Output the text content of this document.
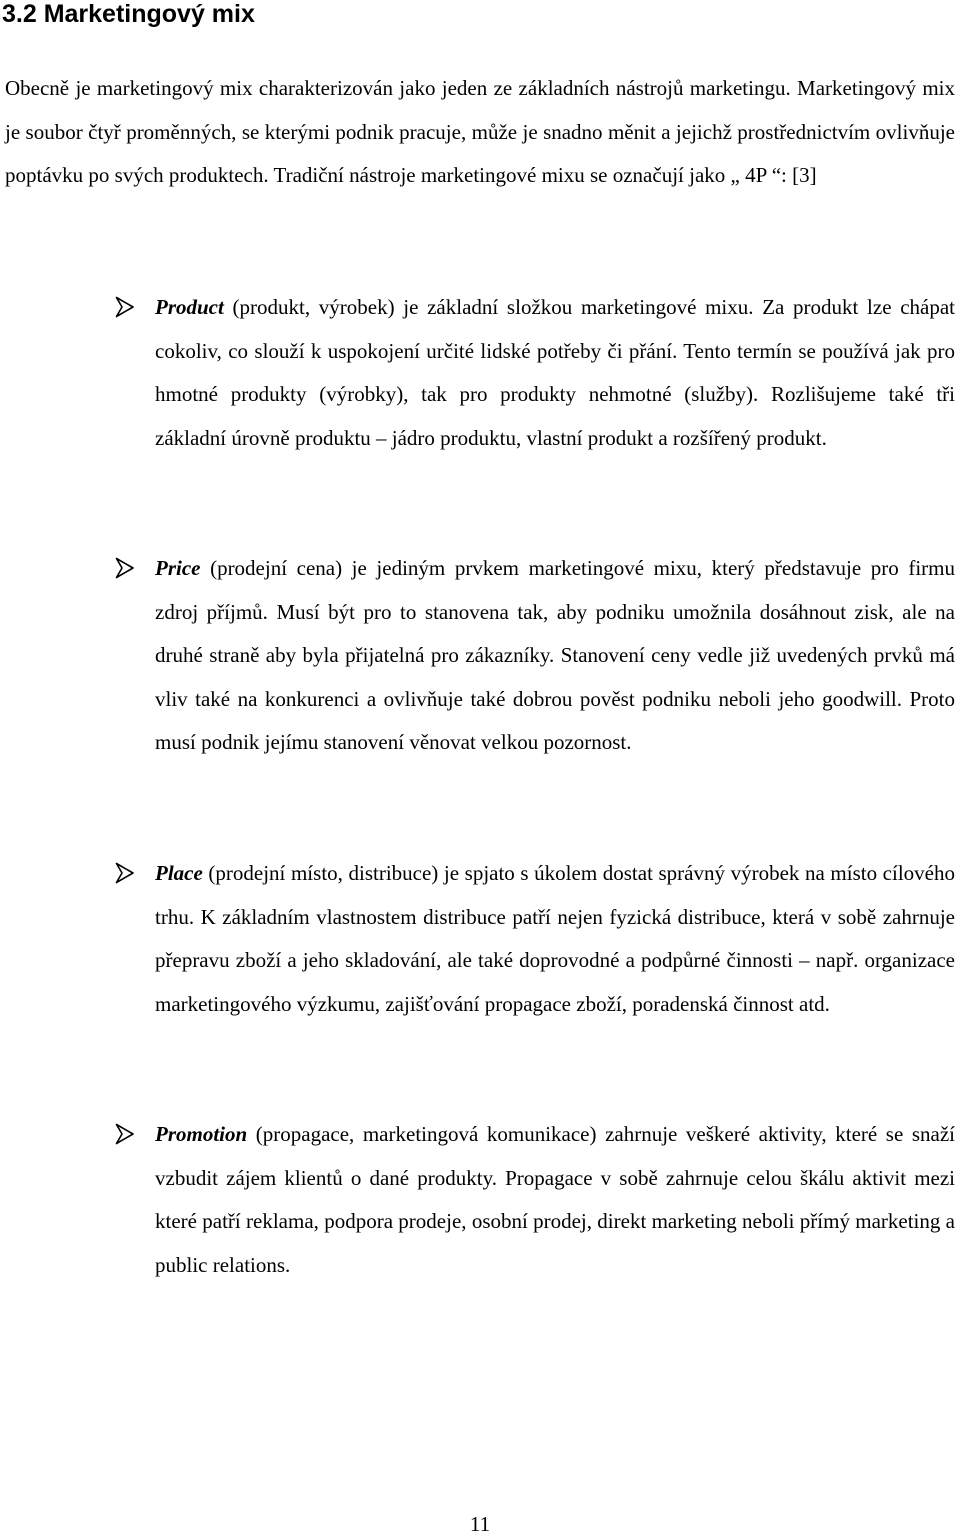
3.2 Marketingový mix

Obecně je marketingový mix charakterizován jako jeden ze základních nástrojů marketingu. Marketingový mix je soubor čtyř proměnných, se kterými podnik pracuje, může je snadno měnit a jejichž prostřednictvím ovlivňuje poptávku po svých produktech. Tradiční nástroje marketingové mixu se označují jako „ 4P “: [3]

Product (produkt, výrobek) je základní složkou marketingové mixu. Za produkt lze chápat cokoliv, co slouží k uspokojení určité lidské potřeby či přání. Tento termín se používá jak pro hmotné produkty (výrobky), tak pro produkty nehmotné (služby). Rozlišujeme také tři základní úrovně produktu – jádro produktu, vlastní produkt a rozšířený produkt.
Price (prodejní cena) je jediným prvkem marketingové mixu, který představuje pro firmu zdroj příjmů. Musí být pro to stanovena tak, aby podniku umožnila dosáhnout zisk, ale na druhé straně aby byla přijatelná pro zákazníky. Stanovení ceny vedle již uvedených prvků má vliv také na konkurenci a ovlivňuje také dobrou pověst podniku neboli jeho goodwill. Proto musí podnik jejímu stanovení věnovat velkou pozornost.
Place (prodejní místo, distribuce) je spjato s úkolem dostat správný výrobek na místo cílového trhu. K základním vlastnostem distribuce patří nejen fyzická distribuce, která v sobě zahrnuje přepravu zboží a jeho skladování, ale také doprovodné a podpůrné činnosti – např. organizace marketingového výzkumu, zajišťování propagace zboží, poradenská činnost atd.
Promotion (propagace, marketingová komunikace) zahrnuje veškeré aktivity, které se snaží vzbudit zájem klientů o dané produkty. Propagace v sobě zahrnuje celou škálu aktivit mezi které patří reklama, podpora prodeje, osobní prodej, direkt marketing neboli přímý marketing a public relations.
11
